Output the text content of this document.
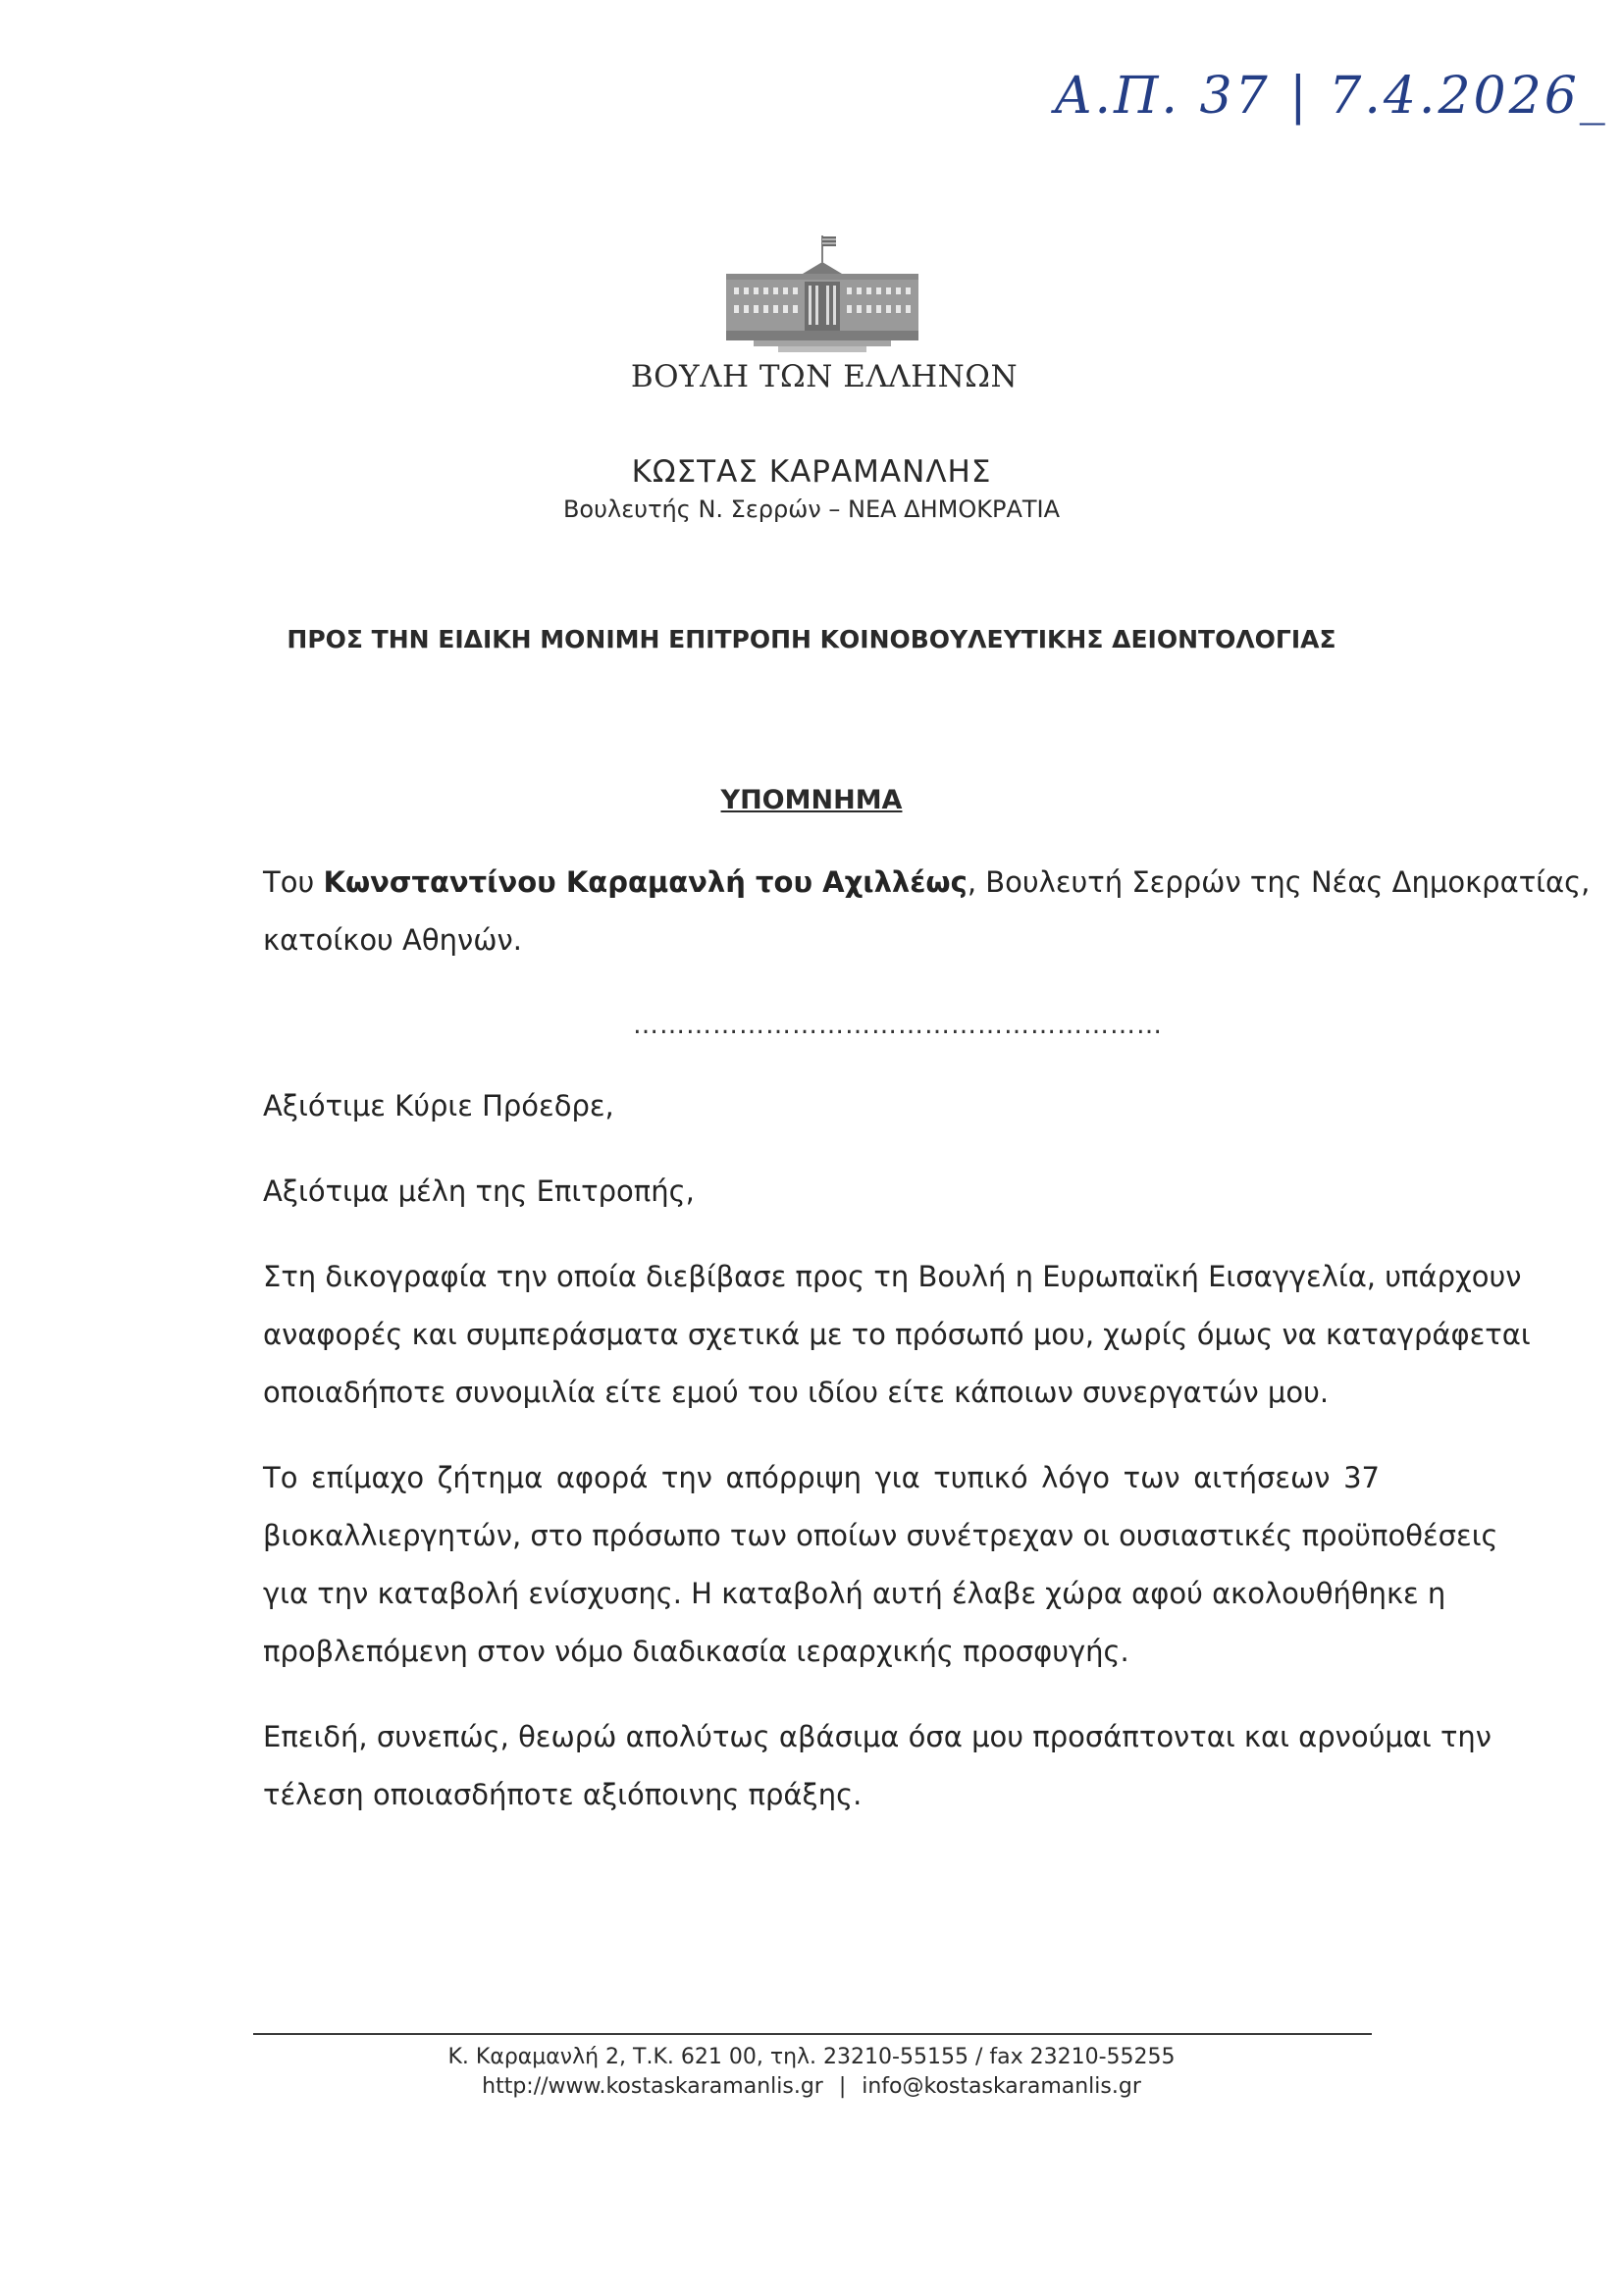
Α.Π. 37 | 7.4.2026_
ΒΟΥΛΗ ΤΩΝ ΕΛΛΗΝΩΝ
ΚΩΣΤΑΣ ΚΑΡΑΜΑΝΛΗΣ
Βουλευτής Ν. Σερρών – ΝΕΑ ΔΗΜΟΚΡΑΤΙΑ
ΠΡΟΣ ΤΗΝ ΕΙΔΙΚΗ ΜΟΝΙΜΗ ΕΠΙΤΡΟΠΗ ΚΟΙΝΟΒΟΥΛΕΥΤΙΚΗΣ ΔΕΙΟΝΤΟΛΟΓΙΑΣ
ΥΠΟΜΝΗΜΑ
Του Κωνσταντίνου Καραμανλή του Αχιλλέως, Βουλευτή Σερρών της Νέας Δημοκρατίας,
κατοίκου Αθηνών.
……………………………………………………
Αξιότιμε Κύριε Πρόεδρε,
Αξιότιμα μέλη της Επιτροπής,
Στη δικογραφία την οποία διεβίβασε προς τη Βουλή η Ευρωπαϊκή Εισαγγελία, υπάρχουν
αναφορές και συμπεράσματα σχετικά με το πρόσωπό μου, χωρίς όμως να καταγράφεται
οποιαδήποτε συνομιλία είτε εμού του ιδίου είτε κάποιων συνεργατών μου.
Το επίμαχο ζήτημα αφορά την απόρριψη για τυπικό λόγο των αιτήσεων 37
βιοκαλλιεργητών, στο πρόσωπο των οποίων συνέτρεχαν οι ουσιαστικές προϋποθέσεις
για την καταβολή ενίσχυσης. Η καταβολή αυτή έλαβε χώρα αφού ακολουθήθηκε η
προβλεπόμενη στον νόμο διαδικασία ιεραρχικής προσφυγής.
Επειδή, συνεπώς, θεωρώ απολύτως αβάσιμα όσα μου προσάπτονται και αρνούμαι την
τέλεση οποιασδήποτε αξιόποινης πράξης.
Κ. Καραμανλή 2, Τ.Κ. 621 00, τηλ. 23210-55155 / fax 23210-55255
http://www.kostaskaramanlis.gr | info@kostaskaramanlis.gr
